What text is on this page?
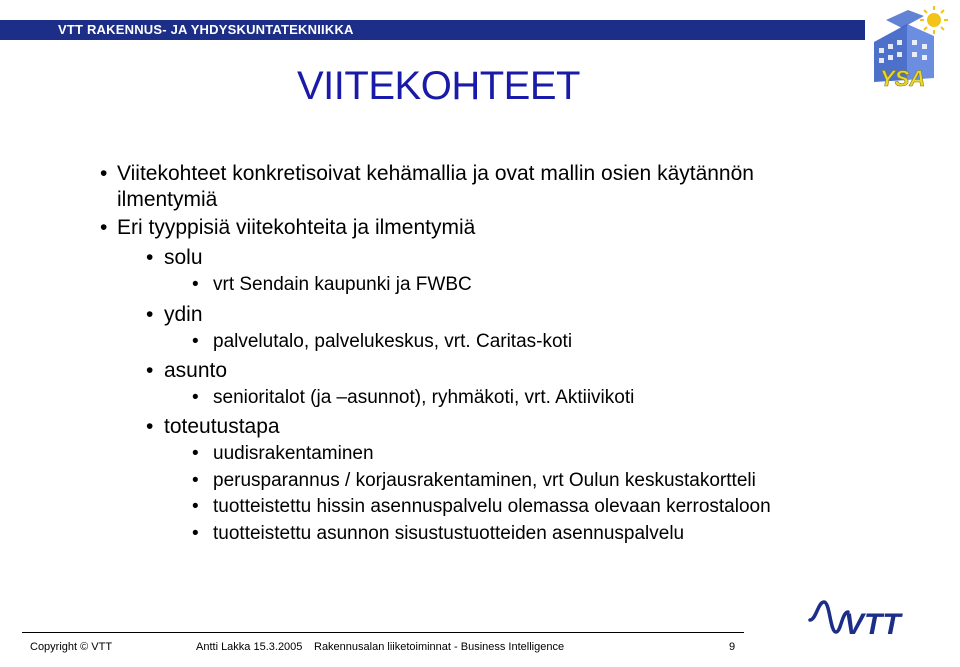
VTT RAKENNUS- JA YHDYSKUNTATEKNIIKKA
YSA
VIITEKOHTEET
• Viitekohteet konkretisoivat kehämallia ja ovat mallin osien käytännön
ilmentymiä
• Eri tyyppisiä viitekohteita ja ilmentymiä
• solu
• vrt Sendain kaupunki ja FWBC
• ydin
• palvelutalo, palvelukeskus, vrt. Caritas-koti
• asunto
• senioritalot (ja –asunnot), ryhmäkoti, vrt. Aktiivikoti
• toteutustapa
• uudisrakentaminen
• perusparannus / korjausrakentaminen, vrt Oulun keskustakortteli
• tuotteistettu hissin asennuspalvelu olemassa olevaan kerrostaloon
• tuotteistettu asunnon sisustustuotteiden asennuspalvelu
VTT
Copyright © VTT	Antti Lakka 15.3.2005 Rakennusalan liiketoiminnat - Business Intelligence	9
